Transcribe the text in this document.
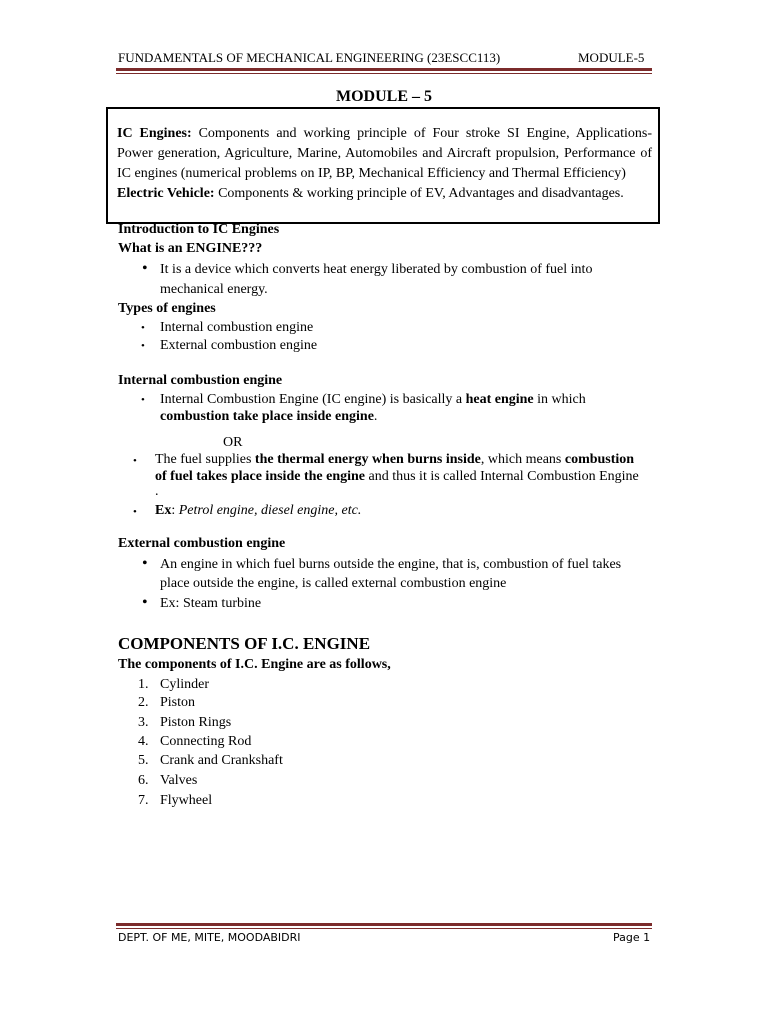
FUNDAMENTALS OF MECHANICAL ENGINEERING (23ESCC113)	MODULE-5
MODULE – 5

IC Engines: Components and working principle of Four stroke SI Engine, Applications- Power generation, Agriculture, Marine, Automobiles and Aircraft propulsion, Performance of IC engines (numerical problems on IP, BP, Mechanical Efficiency and Thermal Efficiency)

Electric Vehicle: Components & working principle of EV, Advantages and disadvantages.

Introduction to IC Engines
What is an ENGINE???
• It is a device which converts heat energy liberated by combustion of fuel into
mechanical energy.
Types of engines
• Internal combustion engine
• External combustion engine
Internal combustion engine
• Internal Combustion Engine (IC engine) is basically a heat engine in which
combustion take place inside engine.
OR
• The fuel supplies the thermal energy when burns inside, which means combustion
of fuel takes place inside the engine and thus it is called Internal Combustion Engine
.
• Ex: Petrol engine, diesel engine, etc.
External combustion engine
• An engine in which fuel burns outside the engine, that is, combustion of fuel takes
place outside the engine, is called external combustion engine
• Ex: Steam turbine
COMPONENTS OF I.C. ENGINE
The components of I.C. Engine are as follows,
1. Cylinder
2. Piston
3. Piston Rings
4. Connecting Rod
5. Crank and Crankshaft
6. Valves
7. Flywheel
DEPT. OF ME, MITE, MOODABIDRI	Page 1
